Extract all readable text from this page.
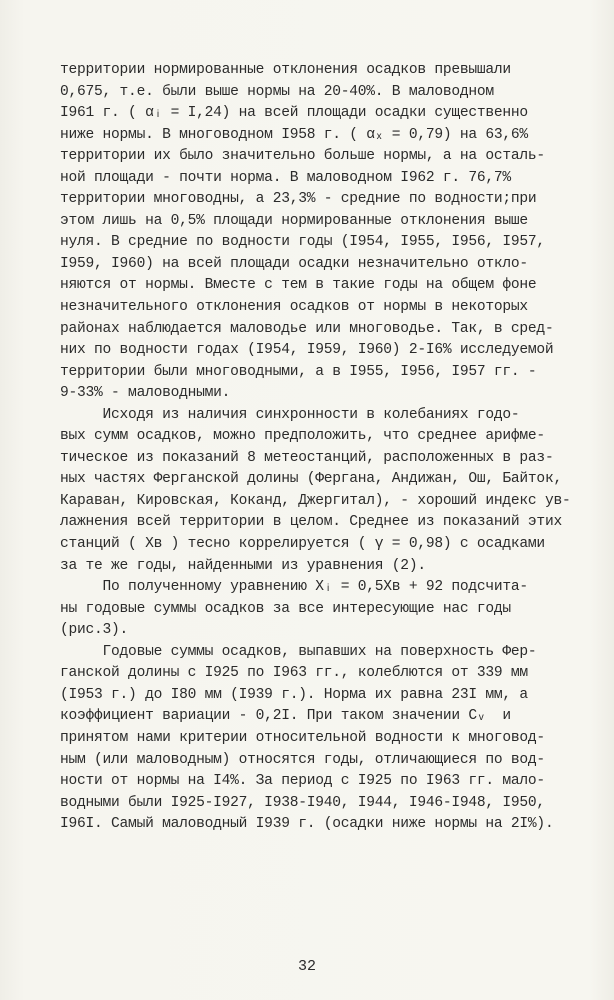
территории нормированные отклонения осадков превышали
0,675, т.е. были выше нормы на 20-40%. В маловодном
I961 г. ( αᵢ = I,24) на всей площади осадки существенно
ниже нормы. В многоводном I958 г. ( αₓ = 0,79) на 63,6%
территории их было значительно больше нормы, а на осталь-
ной площади - почти норма. В маловодном I962 г. 76,7%
территории многоводны, а 23,3% - средние по водности;при
этом лишь на 0,5% площади нормированные отклонения выше
нуля. В средние по водности годы (I954, I955, I956, I957,
I959, I960) на всей площади осадки незначительно откло-
няются от нормы. Вместе с тем в такие годы на общем фоне
незначительного отклонения осадков от нормы в некоторых
районах наблюдается маловодье или многоводье. Так, в сред-
них по водности годах (I954, I959, I960) 2-I6% исследуемой
территории были многоводными, а в I955, I956, I957 гг. -
9-33% - маловодными.
Исходя из наличия синхронности в колебаниях годо-
вых сумм осадков, можно предположить, что среднее арифме-
тическое из показаний 8 метеостанций, расположенных в раз-
ных частях Ферганской долины (Фергана, Андижан, Ош, Байток,
Караван, Кировская, Коканд, Джергитал), - хороший индекс ув-
лажнения всей территории в целом. Среднее из показаний этих
станций ( Xв ) тесно коррелируется ( γ = 0,98) с осадками
за те же годы, найденными из уравнения (2).
По полученному уравнению Xᵢ = 0,5Xв + 92 подсчита-
ны годовые суммы осадков за все интересующие нас годы
(рис.3).
Годовые суммы осадков, выпавших на поверхность Фер-
ганской долины с I925 по I963 гг., колеблются от 339 мм
(I953 г.) до I80 мм (I939 г.). Норма их равна 23I мм, а
коэффициент вариации - 0,2I. При таком значении Cᵥ  и
принятом нами критерии относительной водности к многовод-
ным (или маловодным) относятся годы, отличающиеся по вод-
ности от нормы на I4%. За период с I925 по I963 гг. мало-
водными были I925-I927, I938-I940, I944, I946-I948, I950,
I96I. Самый маловодный I939 г. (осадки ниже нормы на 2I%).
32
